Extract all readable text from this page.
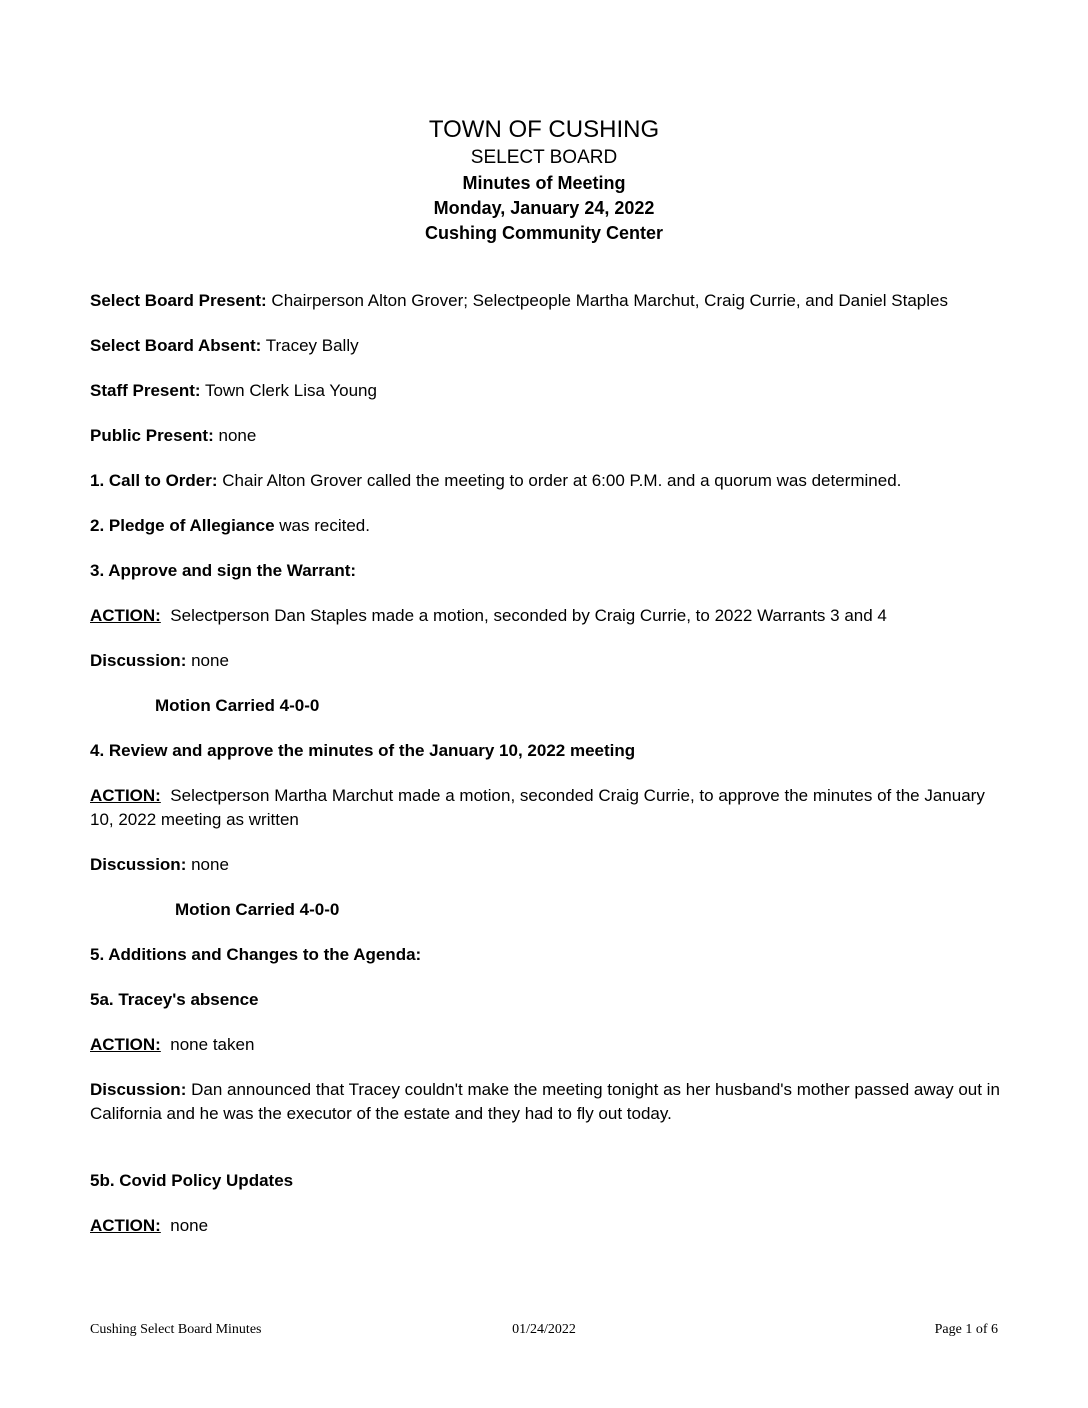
TOWN OF CUSHING
SELECT BOARD
Minutes of Meeting
Monday, January 24, 2022
Cushing Community Center

Select Board Present: Chairperson Alton Grover; Selectpeople Martha Marchut, Craig Currie, and Daniel Staples

Select Board Absent: Tracey Bally

Staff Present: Town Clerk Lisa Young

Public Present: none

1. Call to Order: Chair Alton Grover called the meeting to order at 6:00 P.M. and a quorum was determined.

2. Pledge of Allegiance was recited.

3. Approve and sign the Warrant:

ACTION:  Selectperson Dan Staples made a motion, seconded by Craig Currie, to 2022 Warrants 3 and 4

Discussion: none

Motion Carried 4-0-0

4. Review and approve the minutes of the January 10, 2022 meeting

ACTION:  Selectperson Martha Marchut made a motion, seconded Craig Currie, to approve the minutes of the January 10, 2022 meeting as written

Discussion: none

Motion Carried 4-0-0

5. Additions and Changes to the Agenda:

5a. Tracey's absence

ACTION:  none taken

Discussion: Dan announced that Tracey couldn't make the meeting tonight as her husband's mother passed away out in California and he was the executor of the estate and they had to fly out today.

5b. Covid Policy Updates

ACTION:  none

01/24/2022
Cushing Select Board Minutes	Page 1 of 6
